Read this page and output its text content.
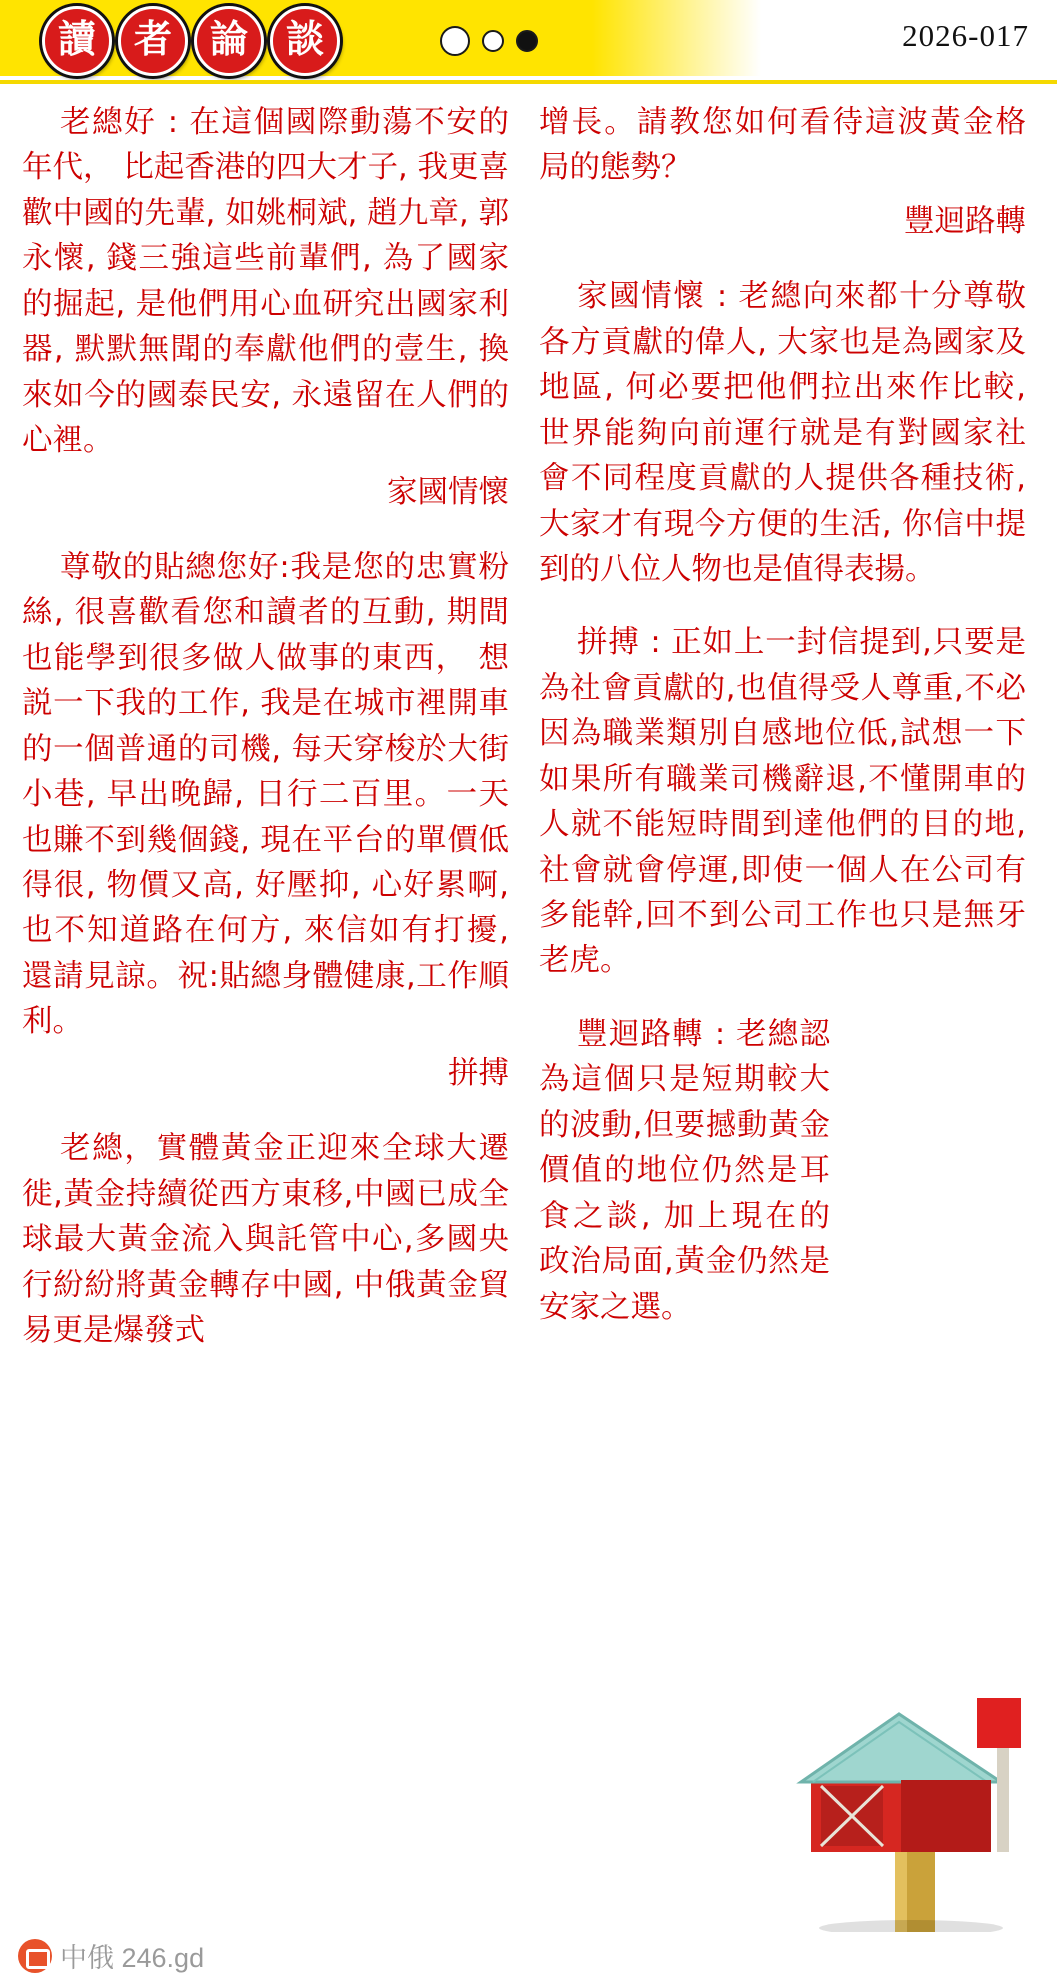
讀 者 論 談	2026-017

老總好 : 在這個國際動蕩不安的年代， 比起香港的四大才子, 我更喜歡中國的先輩, 如姚桐斌, 趙九章, 郭永懷, 錢三強這些前輩們, 為了國家的掘起, 是他們用心血研究出國家利器, 默默無聞的奉獻他們的壹生, 換來如今的國泰民安, 永遠留在人們的心裡。

家國情懷

尊敬的貼總您好:我是您的忠實粉絲, 很喜歡看您和讀者的互動, 期間也能學到很多做人做事的東西， 想説一下我的工作, 我是在城市裡開車的一個普通的司機, 每天穿梭於大街小巷, 早出晚歸, 日行二百里。一天也賺不到幾個錢, 現在平台的單價低得很, 物價又高, 好壓抑, 心好累啊, 也不知道路在何方, 來信如有打擾, 還請見諒。祝:貼總身體健康,工作順利。

拼搏

老總，實體黃金正迎來全球大遷徙,黃金持續從西方東移,中國已成全球最大黃金流入與託管中心,多國央行紛紛將黃金轉存中國, 中俄黃金貿易更是爆發式

增長。請教您如何看待這波黃金格局的態勢？

豐迴路轉

家國情懷 : 老總向來都十分尊敬各方貢獻的偉人, 大家也是為國家及地區, 何必要把他們拉出來作比較, 世界能夠向前運行就是有對國家社會不同程度貢獻的人提供各種技術, 大家才有現今方便的生活, 你信中提到的八位人物也是值得表揚。

拼搏 : 正如上一封信提到,只要是為社會貢獻的,也值得受人尊重,不必因為職業類別自感地位低,試想一下如果所有職業司機辭退,不懂開車的人就不能短時間到達他們的目的地,社會就會停運,即使一個人在公司有多能幹,回不到公司工作也只是無牙老虎。

豐迴路轉 : 老總認為這個只是短期較大的波動,但要撼動黃金價值的地位仍然是耳食之談, 加上現在的政治局面,黃金仍然是安家之選。

中俄 246.gd
